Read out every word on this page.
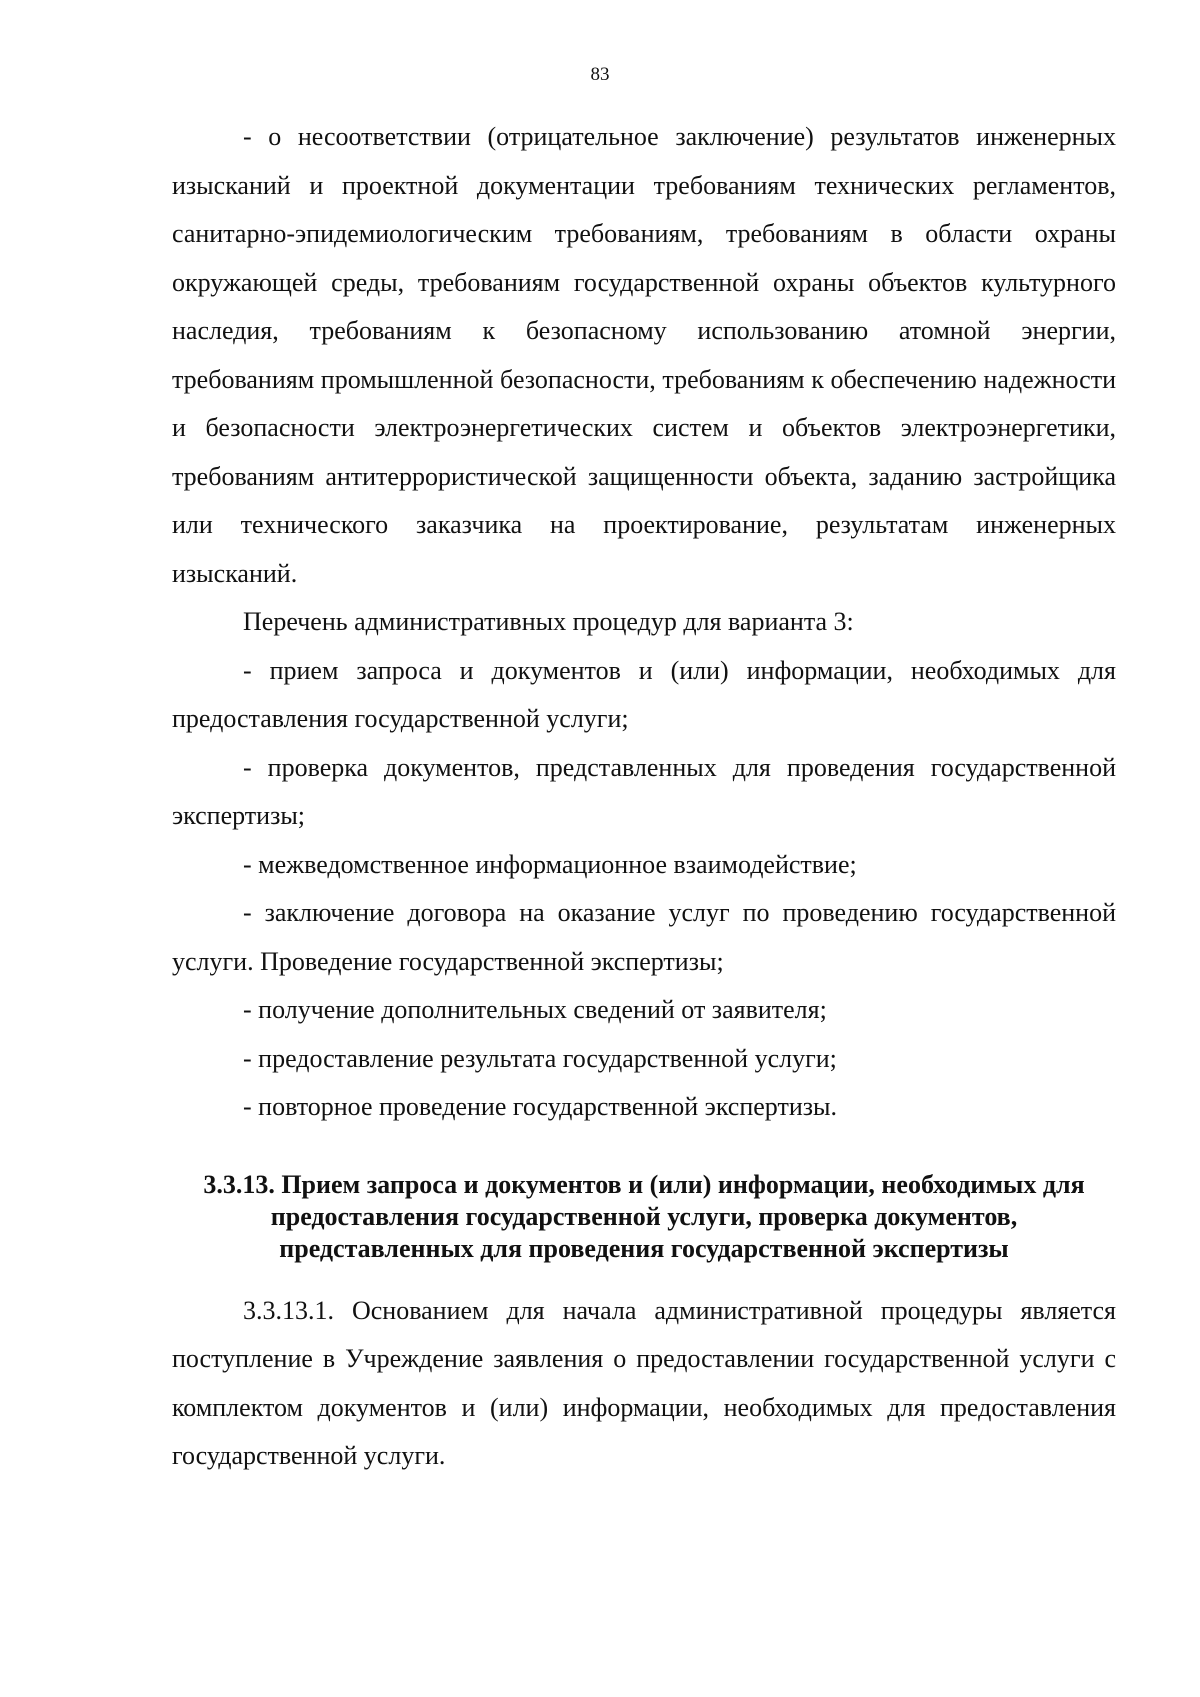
83

- о несоответствии (отрицательное заключение) результатов инженерных изысканий и проектной документации требованиям технических регламентов, санитарно-эпидемиологическим требованиям, требованиям в области охраны окружающей среды, требованиям государственной охраны объектов культурного наследия, требованиям к безопасному использованию атомной энергии, требованиям промышленной безопасности, требованиям к обеспечению надежности и безопасности электроэнергетических систем и объектов электроэнергетики, требованиям антитеррористической защищенности объекта, заданию застройщика или технического заказчика на проектирование, результатам инженерных изысканий.

Перечень административных процедур для варианта 3:

- прием запроса и документов и (или) информации, необходимых для предоставления государственной услуги;

- проверка документов, представленных для проведения государственной экспертизы;

- межведомственное информационное взаимодействие;

- заключение договора на оказание услуг по проведению государственной услуги. Проведение государственной экспертизы;

- получение дополнительных сведений от заявителя;

- предоставление результата государственной услуги;

- повторное проведение государственной экспертизы.

3.3.13. Прием запроса и документов и (или) информации, необходимых для предоставления государственной услуги, проверка документов, представленных для проведения государственной экспертизы

3.3.13.1. Основанием для начала административной процедуры является поступление в Учреждение заявления о предоставлении государственной услуги с комплектом документов и (или) информации, необходимых для предоставления государственной услуги.
